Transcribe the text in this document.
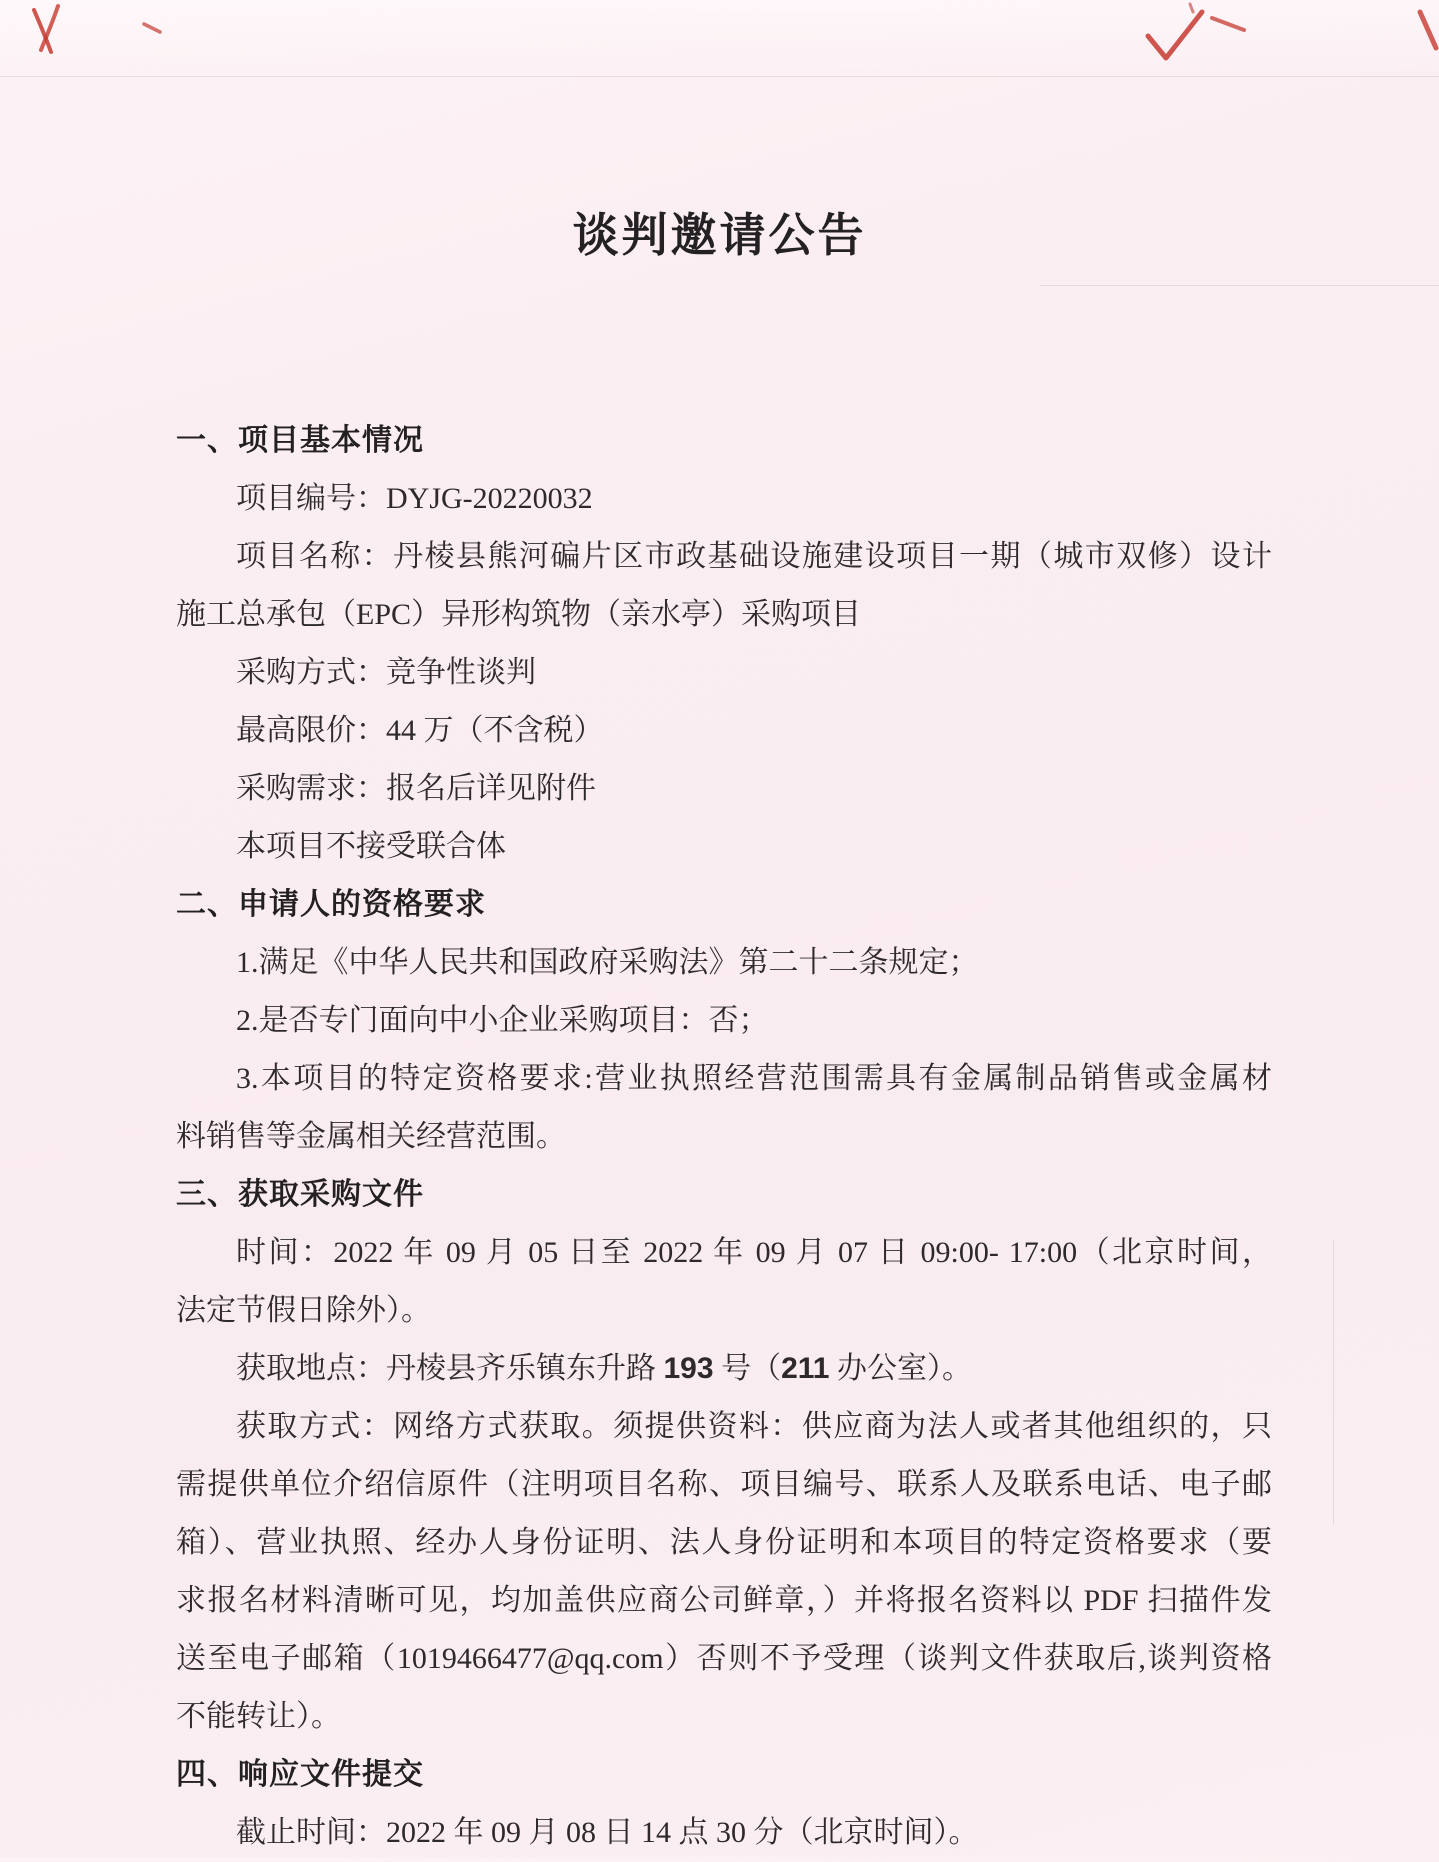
谈判邀请公告
一、项目基本情况
项目编号：DYJG-20220032
项目名称：丹棱县熊河碥片区市政基础设施建设项目一期（城市双修）设计
施工总承包（EPC）异形构筑物（亲水亭）采购项目
采购方式：竞争性谈判
最高限价：44 万（不含税）
采购需求：报名后详见附件
本项目不接受联合体
二、申请人的资格要求
1.满足《中华人民共和国政府采购法》第二十二条规定；
2.是否专门面向中小企业采购项目：否；
3.本项目的特定资格要求:营业执照经营范围需具有金属制品销售或金属材
料销售等金属相关经营范围。
三、获取采购文件
时间：2022 年 09 月 05 日至 2022 年 09 月 07 日 09:00- 17:00（北京时间，
法定节假日除外）。
获取地点：丹棱县齐乐镇东升路 193 号（211 办公室）。
获取方式：网络方式获取。须提供资料：供应商为法人或者其他组织的，只
需提供单位介绍信原件（注明项目名称、项目编号、联系人及联系电话、电子邮
箱）、营业执照、经办人身份证明、法人身份证明和本项目的特定资格要求（要
求报名材料清晰可见，均加盖供应商公司鲜章，）并将报名资料以 PDF 扫描件发
送至电子邮箱（1019466477@qq.com）否则不予受理（谈判文件获取后,谈判资格
不能转让）。
四、响应文件提交
截止时间：2022 年 09 月 08 日 14 点 30 分（北京时间）。
